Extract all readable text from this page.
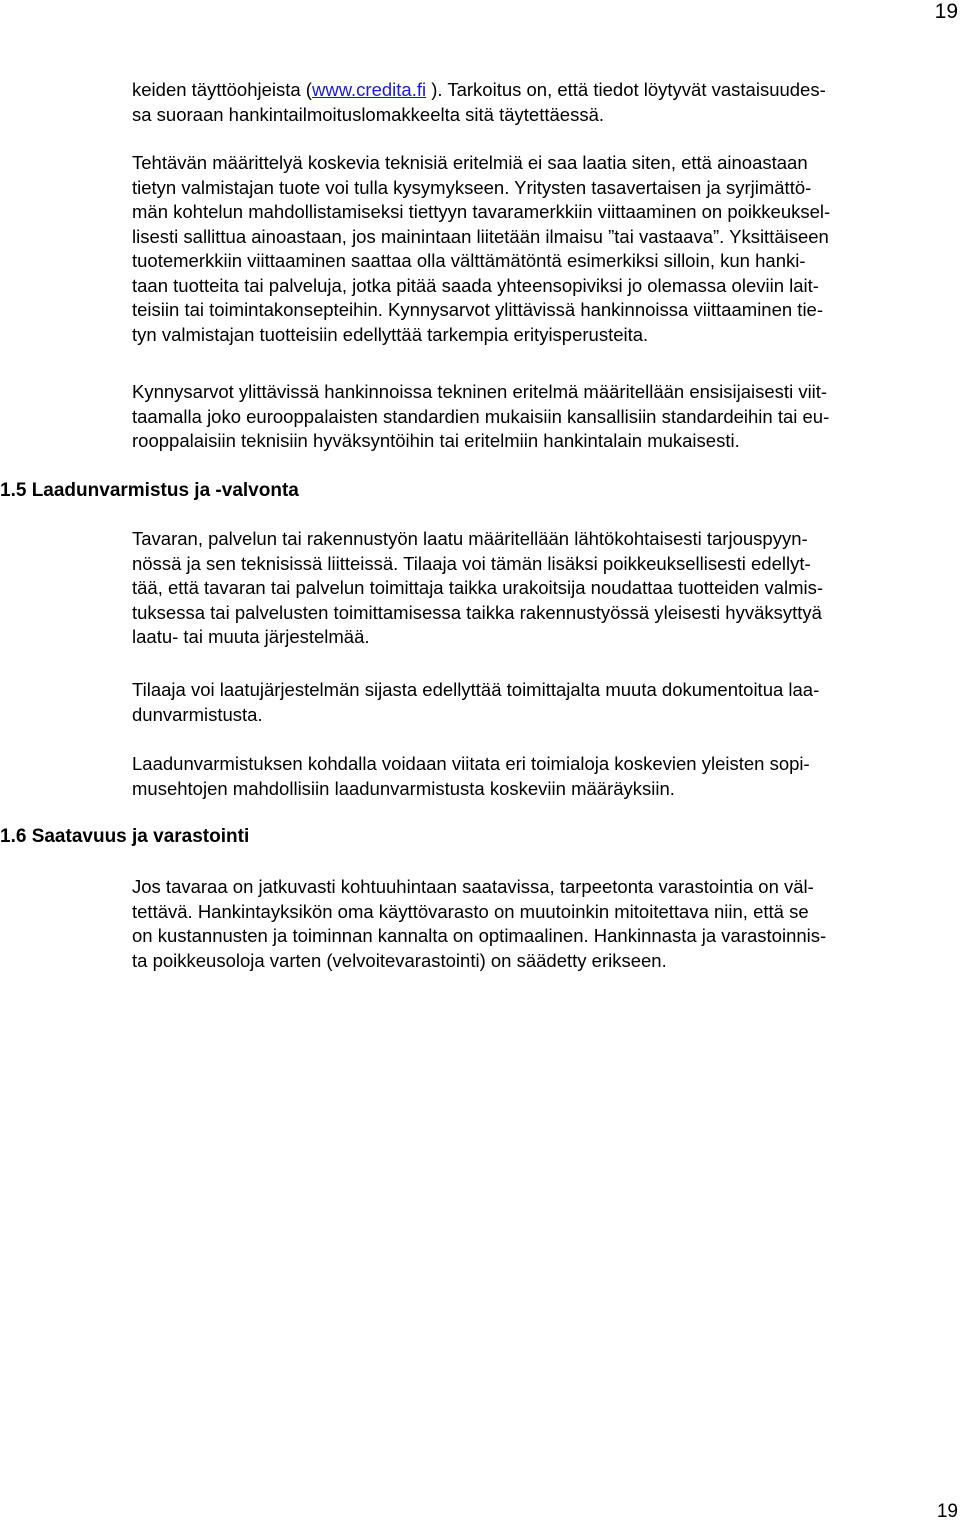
19
keiden täyttöohjeista (www.credita.fi ). Tarkoitus on, että tiedot löytyvät vastaisuudes-
sa suoraan hankintailmoituslomakkeelta sitä täytettäessä.
Tehtävän määrittelyä koskevia teknisiä eritelmiä ei saa laatia siten, että ainoastaan
tietyn valmistajan tuote voi tulla kysymykseen. Yritysten tasavertaisen ja syrjimättö-
män kohtelun mahdollistamiseksi tiettyyn tavaramerkkiin viittaaminen on poikkeuksel-
lisesti sallittua ainoastaan, jos mainintaan liitetään ilmaisu ”tai vastaava”. Yksittäiseen
tuotemerkkiin viittaaminen saattaa olla välttämätöntä esimerkiksi silloin, kun hanki-
taan tuotteita tai palveluja, jotka pitää saada yhteensopiviksi jo olemassa oleviin lait-
teisiin tai toimintakonsepteihin. Kynnysarvot ylittävissä hankinnoissa viittaaminen tie-
tyn valmistajan tuotteisiin edellyttää tarkempia erityisperusteita.
Kynnysarvot ylittävissä hankinnoissa tekninen eritelmä määritellään ensisijaisesti viit-
taamalla joko eurooppalaisten standardien mukaisiin kansallisiin standardeihin tai eu-
rooppalaisiin teknisiin hyväksyntöihin tai eritelmiin hankintalain mukaisesti.
1.5 Laadunvarmistus ja -valvonta
Tavaran, palvelun tai rakennustyön laatu määritellään lähtökohtaisesti tarjouspyyn-
nössä ja sen teknisissä liitteissä. Tilaaja voi tämän lisäksi poikkeuksellisesti edellyt-
tää, että tavaran tai palvelun toimittaja taikka urakoitsija noudattaa tuotteiden valmis-
tuksessa tai palvelusten toimittamisessa taikka rakennustyössä yleisesti hyväksyttyä
laatu- tai muuta järjestelmää.
Tilaaja voi laatujärjestelmän sijasta edellyttää toimittajalta muuta dokumentoitua laa-
dunvarmistusta.
Laadunvarmistuksen kohdalla voidaan viitata eri toimialoja koskevien yleisten sopi-
musehtojen mahdollisiin laadunvarmistusta koskeviin määräyksiin.
1.6 Saatavuus ja varastointi
Jos tavaraa on jatkuvasti kohtuuhintaan saatavissa, tarpeetonta varastointia on väl-
tettävä. Hankintayksikön oma käyttövarasto on muutoinkin mitoitettava niin, että se
on kustannusten ja toiminnan kannalta on optimaalinen. Hankinnasta ja varastoinnis-
ta poikkeusoloja varten (velvoitevarastointi) on säädetty erikseen.
19
